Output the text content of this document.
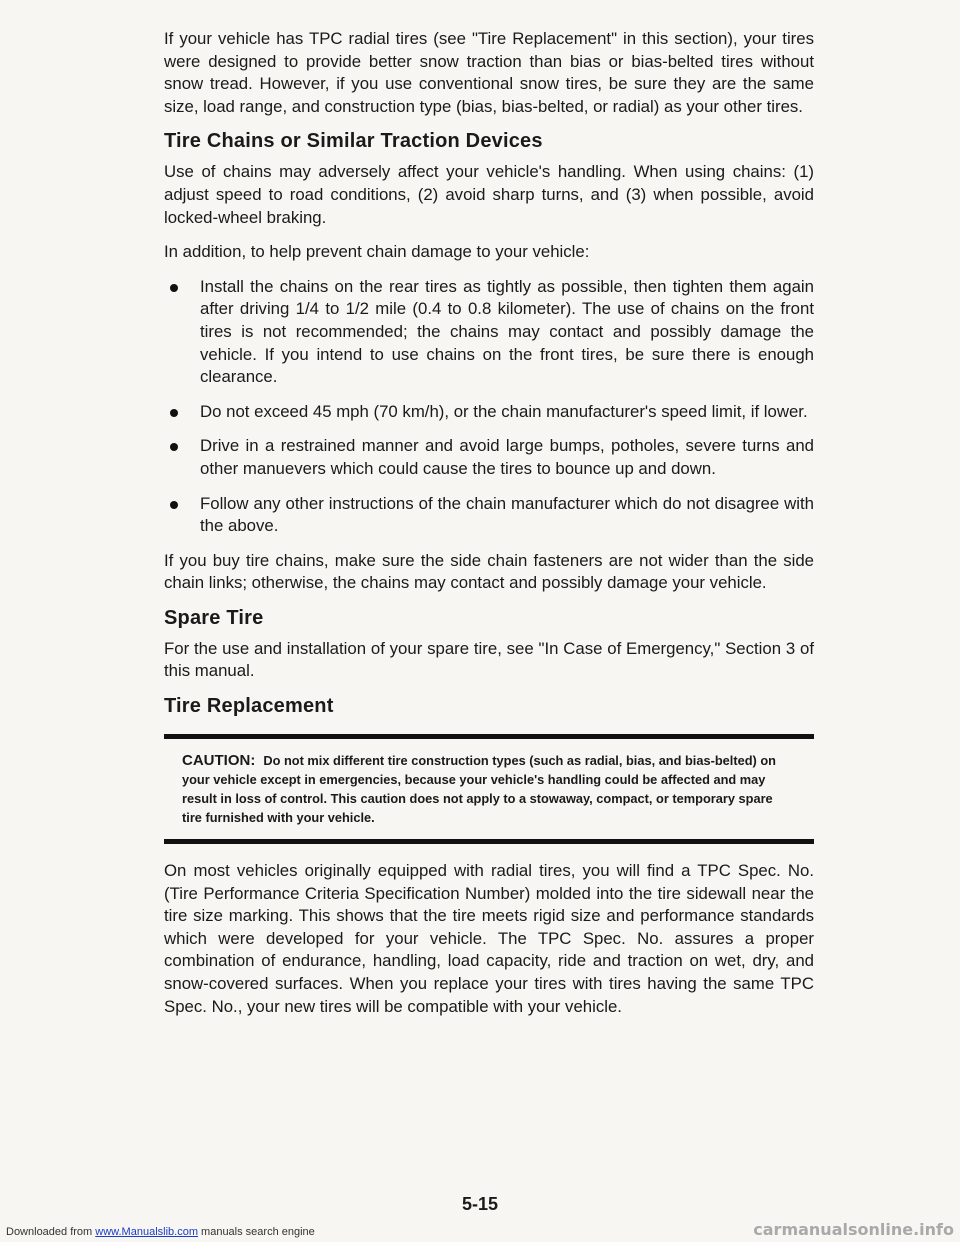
If your vehicle has TPC radial tires (see "Tire Replacement" in this section), your tires were designed to provide better snow traction than bias or bias-belted tires without snow tread. However, if you use conventional snow tires, be sure they are the same size, load range, and construction type (bias, bias-belted, or radial) as your other tires.

Tire Chains or Similar Traction Devices

Use of chains may adversely affect your vehicle's handling. When using chains: (1) adjust speed to road conditions, (2) avoid sharp turns, and (3) when possible, avoid locked-wheel braking.

In addition, to help prevent chain damage to your vehicle:

Install the chains on the rear tires as tightly as possible, then tighten them again after driving 1/4 to 1/2 mile (0.4 to 0.8 kilometer). The use of chains on the front tires is not recommended; the chains may contact and possibly damage the vehicle. If you intend to use chains on the front tires, be sure there is enough clearance.
Do not exceed 45 mph (70 km/h), or the chain manufacturer's speed limit, if lower.
Drive in a restrained manner and avoid large bumps, potholes, severe turns and other manuevers which could cause the tires to bounce up and down.
Follow any other instructions of the chain manufacturer which do not disagree with the above.

If you buy tire chains, make sure the side chain fasteners are not wider than the side chain links; otherwise, the chains may contact and possibly damage your vehicle.

Spare Tire

For the use and installation of your spare tire, see "In Case of Emergency," Section 3 of this manual.

Tire Replacement
CAUTION: Do not mix different tire construction types (such as radial, bias, and bias-belted) on your vehicle except in emergencies, because your vehicle's handling could be affected and may result in loss of control. This caution does not apply to a stowaway, compact, or temporary spare tire furnished with your vehicle.

On most vehicles originally equipped with radial tires, you will find a TPC Spec. No. (Tire Performance Criteria Specification Number) molded into the tire sidewall near the tire size marking. This shows that the tire meets rigid size and performance standards which were developed for your vehicle. The TPC Spec. No. assures a proper combination of endurance, handling, load capacity, ride and traction on wet, dry, and snow-covered surfaces. When you replace your tires with tires having the same TPC Spec. No., your new tires will be compatible with your vehicle.

5-15
Downloaded from www.Manualslib.com manuals search engine	carmanualsonline.info
